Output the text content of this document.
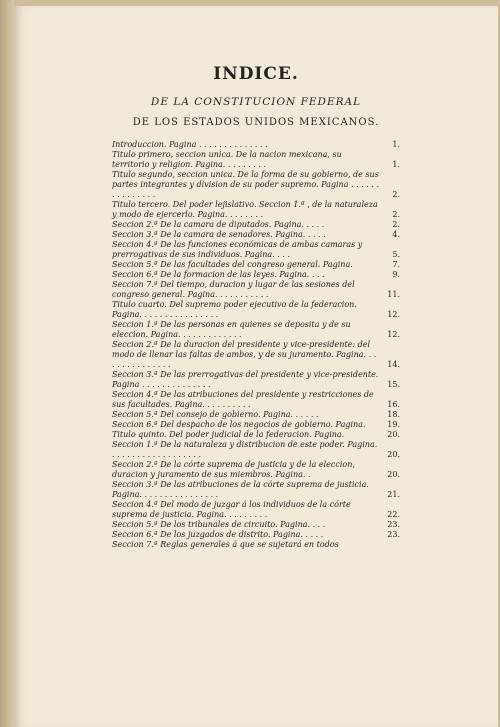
INDICE.
DE LA CONSTITUCION FEDERAL
DE LOS ESTADOS UNIDOS MEXICANOS.
Introduccion. Pagina . . . . . . . . . . . . . .	1.
Titulo primero, seccion unica. De la nacion mexicana, su territorio y religion. Pagina. . . . . . . . .	1.
Titulo segundo, seccion unica. De la forma de su gobierno, de sus partes integrantes y division de su poder supremo. Pagina . . . . . . . . . . . . . . .	2.
Titulo tercero. Del poder lejislativo. Seccion 1.ª , de la naturaleza y modo de ejercerlo. Pagina. . . . . . . .	2.
Seccion 2.ª De la camara de diputados. Pagina. . . . .	2.
Seccion 3.ª De la camara de senadores. Pagina. . . . .	4.
Seccion 4.ª De las funciones económicas de ambas camaras y prerrogativas de sus individuos. Pagina. . . .	5.
Seccion 5.ª De las facultades del congreso general. Pagina.	7.
Seccion 6.ª De la formacion de las leyes. Pagina. . . .	9.
Seccion 7.ª Del tiempo, duracion y lugar de las sesiones del congreso general. Pagina. . . . . . . . . . .	11.
Titulo cuarto. Del supremo poder ejecutivo de la federacion. Pagina. . . . . . . . . . . . . . . .	12.
Seccion 1.ª De las personas en quienes se deposita y de su eleccion. Pagina. . . . . . . . . . . . .	12.
Seccion 2.ª De la duracion del presidente y vice-presidente: del modo de llenar las faltas de ambos, y de su juramento. Pagina. . . . . . . . . . . . . . .	14.
Seccion 3.ª De las prerrogativas del presidente y vice-presidente. Pagina . . . . . . . . . . . . . .	15.
Seccion 4.ª De las atribuciones del presidente y restricciones de sus facultades. Pagina. . . . . . . . . .	16.
Seccion 5.ª Del consejo de gobierno. Pagina. . . . . .	18.
Seccion 6.ª Del despacho de los negocios de gobierno. Pagina.	19.
Titulo quinto. Del poder judicial de la federacion. Pagina.	20.
Seccion 1.ª De la naturaleza y distribucion de este poder. Pagina. . . . . . . . . . . . . . . . . . .	20.
Seccion 2.ª De la córte suprema de justicia y de la eleccion, duracion y juramento de sus miembros. Pagina. .	20.
Seccion 3.ª De las atribuciones de la córte suprema de justicia. Pagina. . . . . . . . . . . . . . . .	21.
Seccion 4.ª Del modo de juzgar á los individuos de la córte suprema de justicia. Pagina. . . . . . . . .	22.
Seccion 5.ª De los tribunales de circuito. Pagina. . . .	23.
Seccion 6.ª De los juzgados de distrito. Pagina. . . . .	23.
Seccion 7.ª Reglas generales á que se sujetará en todos
